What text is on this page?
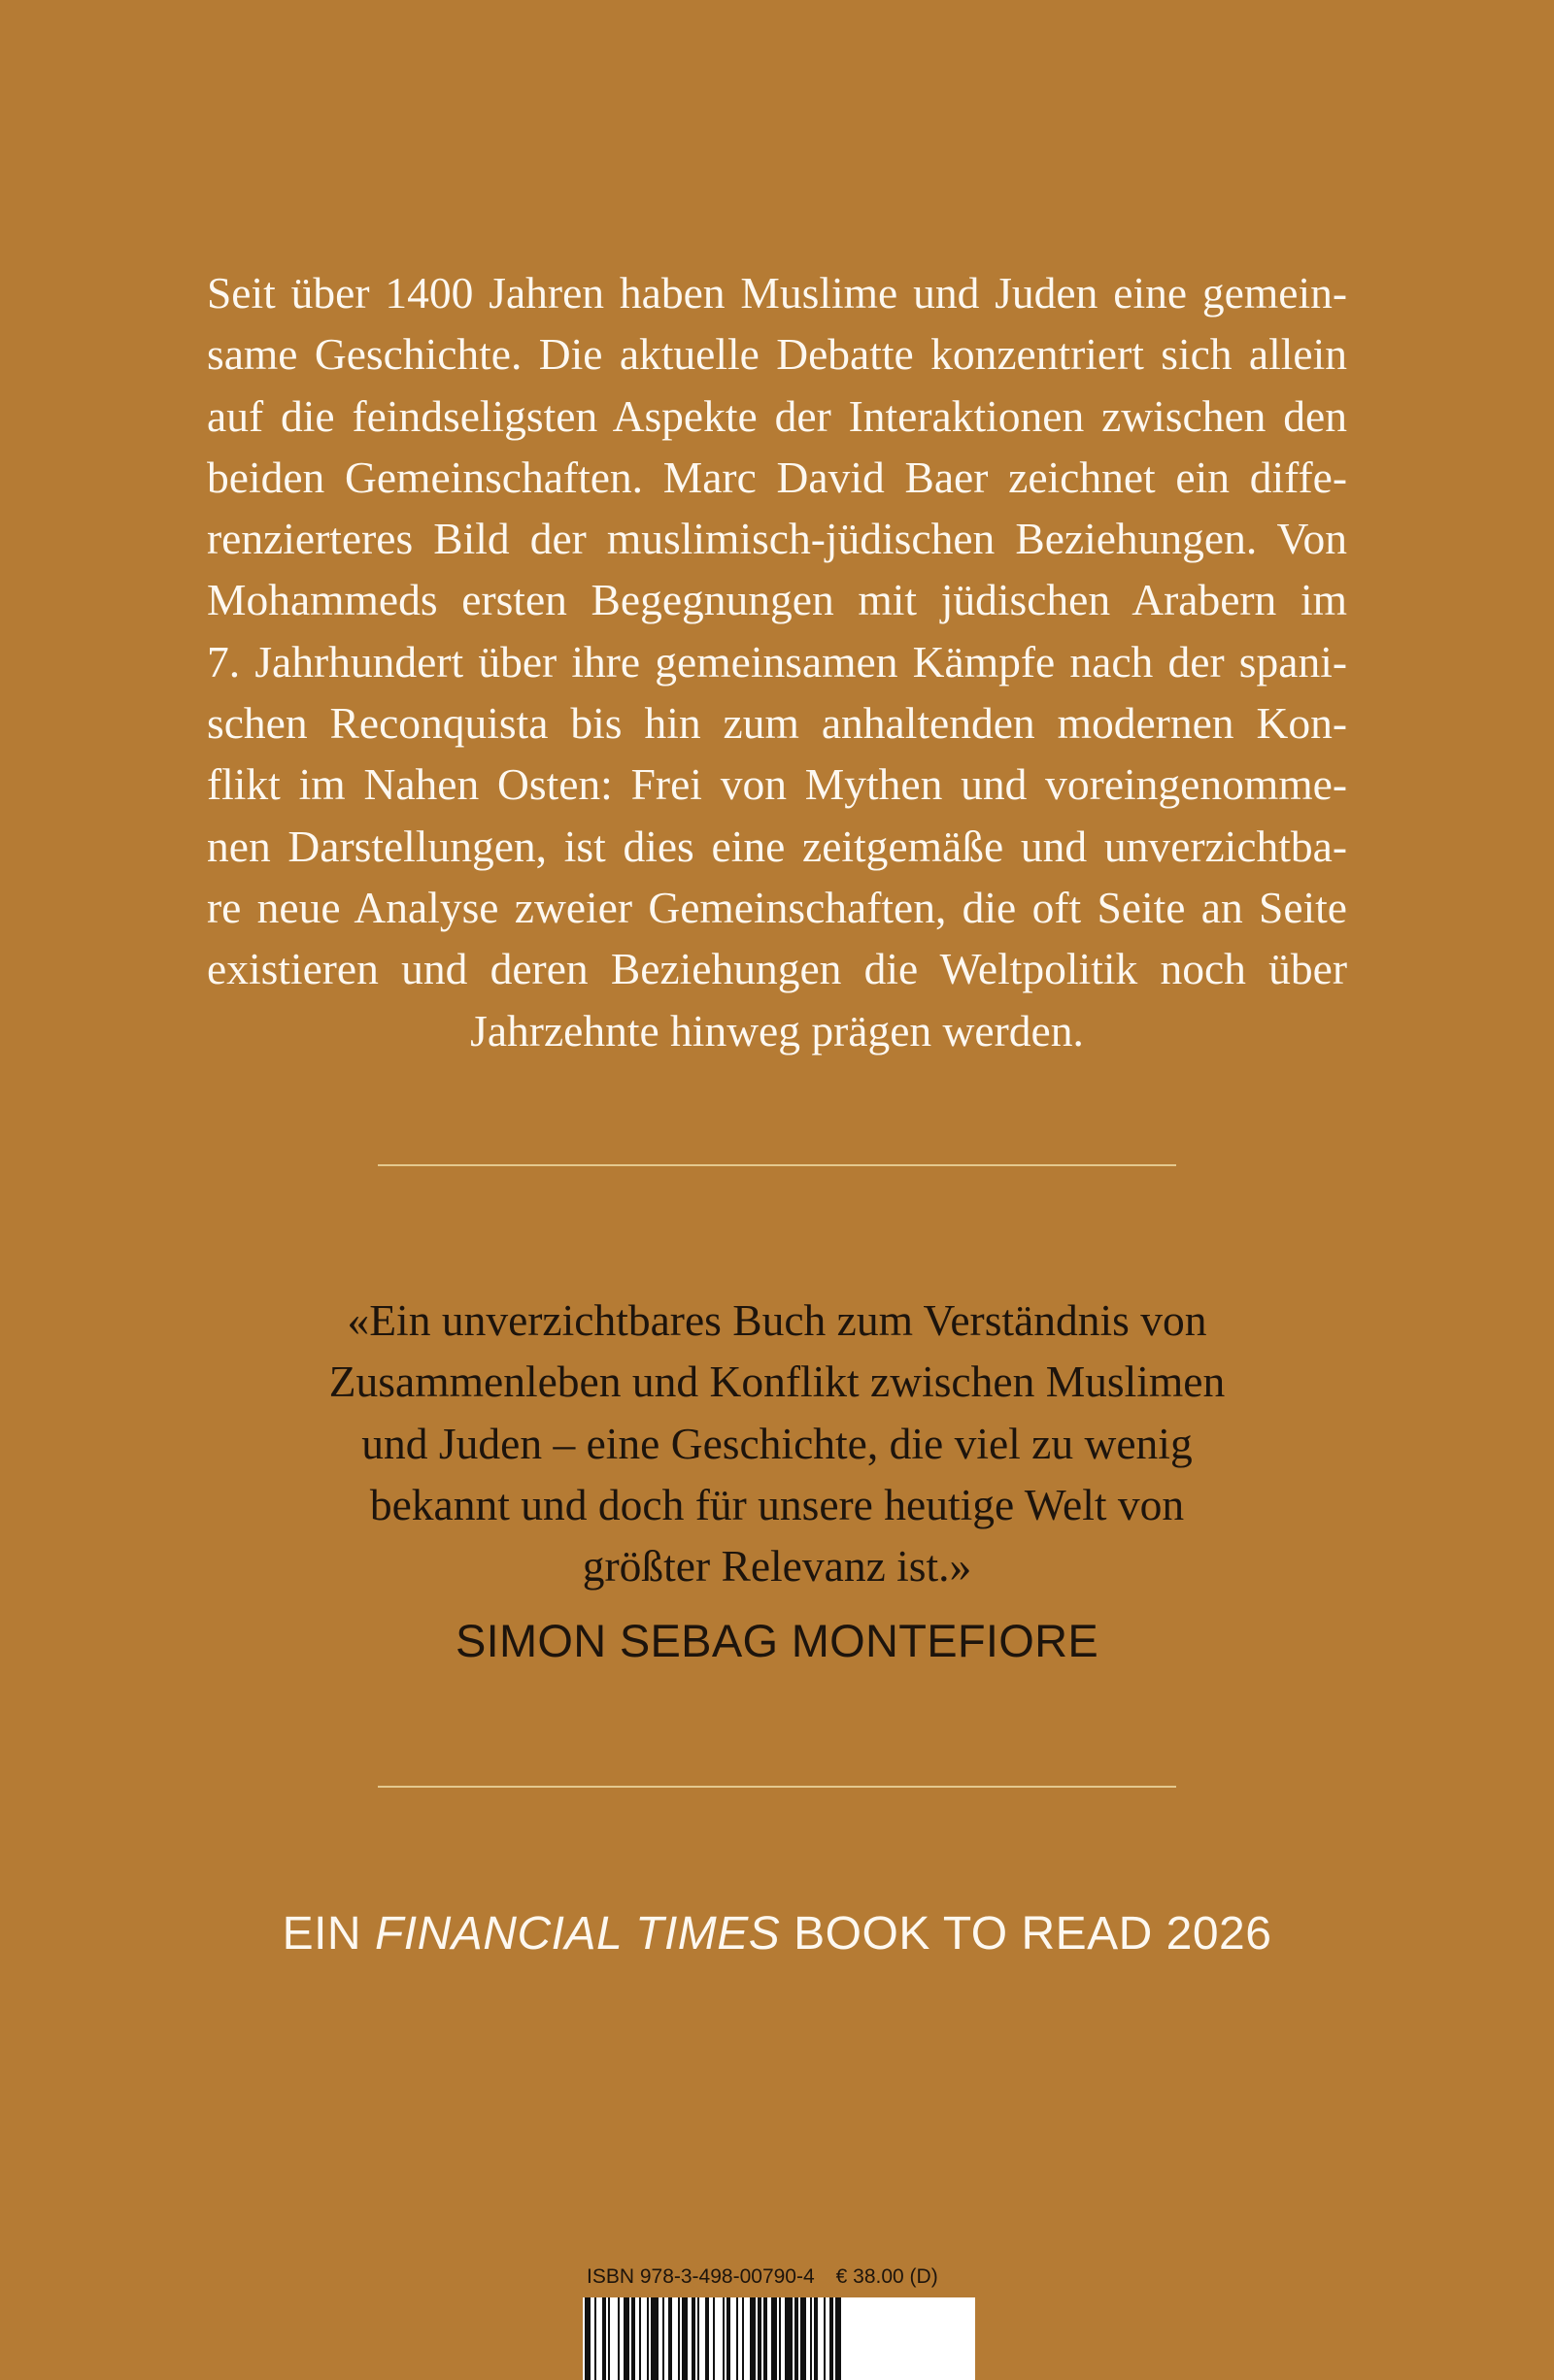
Seit über 1400 Jahren haben Muslime und Juden eine gemein-
same Geschichte. Die aktuelle Debatte konzentriert sich allein
auf die feindseligsten Aspekte der Interaktionen zwischen den
beiden Gemeinschaften. Marc David Baer zeichnet ein diffe-
renzierteres Bild der muslimisch-jüdischen Beziehungen. Von
Mohammeds ersten Begegnungen mit jüdischen Arabern im
7. Jahrhundert über ihre gemeinsamen Kämpfe nach der spani-
schen Reconquista bis hin zum anhaltenden modernen Kon-
flikt im Nahen Osten: Frei von Mythen und voreingenomme-
nen Darstellungen, ist dies eine zeitgemäße und unverzichtba-
re neue Analyse zweier Gemeinschaften, die oft Seite an Seite
existieren und deren Beziehungen die Weltpolitik noch über
Jahrzehnte hinweg prägen werden.
«Ein unverzichtbares Buch zum Verständnis von
Zusammenleben und Konflikt zwischen Muslimen
und Juden – eine Geschichte, die viel zu wenig
bekannt und doch für unsere heutige Welt von
größter Relevanz ist.»
SIMON SEBAG MONTEFIORE
EIN FINANCIAL TIMES BOOK TO READ 2026
ISBN 978-3-498-00790-4 € 38.00 (D)
